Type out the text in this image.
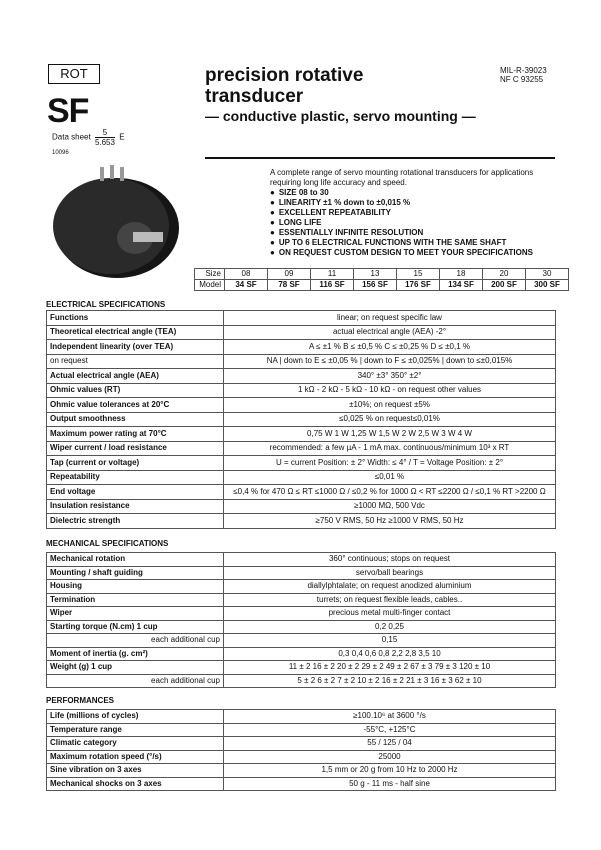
ROT
SF
Data sheet $\frac{5}{5.653}$ E
10096
precision rotative
transducer
— conductive plastic, servo mounting —
MIL-R-39023
NF C 93255
A complete range of servo mounting rotational transducers for applications requiring long life accuracy and speed.
● SIZE 08 to 30
● LINEARITY ±1 % down to ±0,015 %
● EXCELLENT REPEATABILITY
● LONG LIFE
● ESSENTIALLY INFINITE RESOLUTION
● UP TO 6 ELECTRICAL FUNCTIONS WITH THE SAME SHAFT
● ON REQUEST CUSTOM DESIGN TO MEET YOUR SPECIFICATIONS
Size	08	09	11	13	15	18	20	30
Model	34 SF	78 SF	116 SF	156 SF	176 SF	134 SF	200 SF	300 SF
ELECTRICAL SPECIFICATIONS
Functions	linear; on request specific law
Theoretical electrical angle (TEA)	actual electrical angle (AEA) -2°
Independent linearity (over TEA)	A ≤ ±1 % B ≤ ±0,5 % C ≤ ±0,25 % D ≤ ±0,1 %
on request	NA | down to E ≤ ±0,05 % | down to F ≤ ±0,025% | down to ≤±0,015%
Actual electrical angle (AEA)	340° ±3° 350° ±2°
Ohmic values (RT)	1 kΩ - 2 kΩ - 5 kΩ - 10 kΩ - on request other values
Ohmic value tolerances at 20°C	±10%; on request ±5%
Output smoothness	≤0,025 % on request≤0,01%
Maximum power rating at 70°C	0,75 W 1 W 1,25 W 1,5 W 2 W 2,5 W 3 W 4 W
Wiper current / load resistance	recommended: a few µA - 1 mA max. continuous/minimum 10³ x RT
Tap (current or voltage)	U = current Position: ± 2° Width: ≤ 4° / T = Voltage Position: ± 2°
Repeatability	≤0,01 %
End voltage	≤0,4 % for 470 Ω ≤ RT ≤1000 Ω / ≤0,2 % for 1000 Ω < RT ≤2200 Ω / ≤0,1 % RT >2200 Ω
Insulation resistance	≥1000 MΩ, 500 Vdc
Dielectric strength	≥750 V RMS, 50 Hz ≥1000 V RMS, 50 Hz
MECHANICAL SPECIFICATIONS
Mechanical rotation	360° continuous; stops on request
Mounting / shaft guiding	servo/ball bearings
Housing	diallylphtalate; on request anodized aluminium
Termination	turrets; on request flexible leads, cables..
Wiper	precious metal multi-finger contact
Starting torque (N.cm) 1 cup	0,2 0,25
each additional cup	0,15
Moment of inertia (g. cm²)	0,3 0,4 0,6 0,8 2,2 2,8 3,5 10
Weight (g) 1 cup	11 ± 2 16 ± 2 20 ± 2 29 ± 2 49 ± 2 67 ± 3 79 ± 3 120 ± 10
each additional cup	5 ± 2 6 ± 2 7 ± 2 10 ± 2 16 ± 2 21 ± 3 16 ± 3 62 ± 10
PERFORMANCES
Life (millions of cycles)	≥100.10⁶ at 3600 °/s
Temperature range	-55°C, +125°C
Climatic category	55 / 125 / 04
Maximum rotation speed (°/s)	25000
Sine vibration on 3 axes	1,5 mm or 20 g from 10 Hz to 2000 Hz
Mechanical shocks on 3 axes	50 g - 11 ms - half sine
